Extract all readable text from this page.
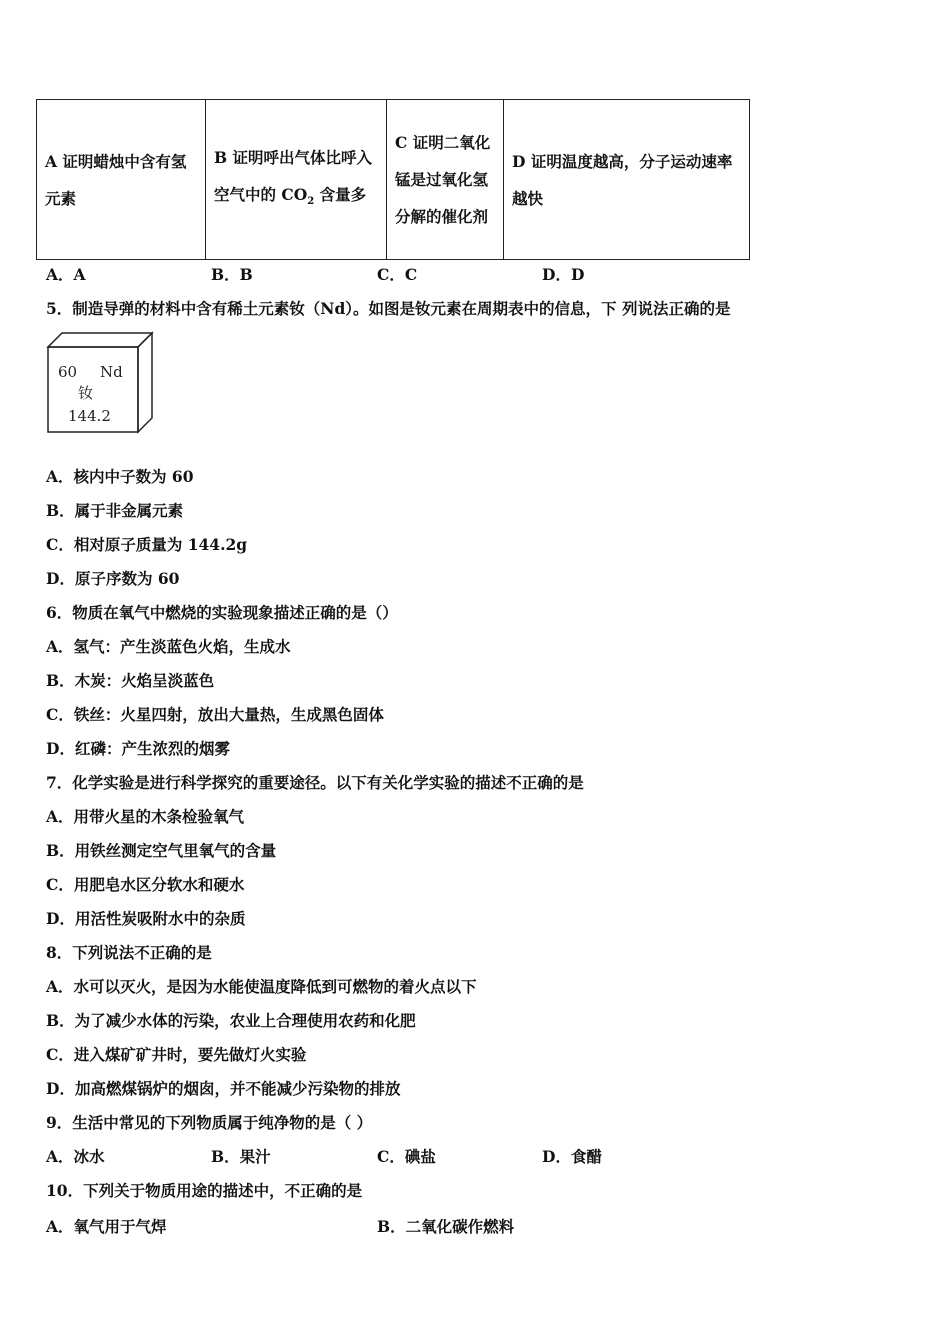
A 证明蜡烛中含有氢元素

B 证明呼出气体比呼入空气中的 $CO_2$ 含量多

C 证明二氧化锰是过氧化氢分解的催化剂

D 证明温度越高，分子运动速率越快
A．A	B．B	C．C	D．D
5．制造导弹的材料中含有稀土元素钕（Nd）。如图是钕元素在周期表中的信息，下 列说法正确的是
60 Nd
钕
144.2
A．核内中子数为 60
B．属于非金属元素
C．相对原子质量为 144.2g
D．原子序数为 60
6．物质在氧气中燃烧的实验现象描述正确的是（）
A．氢气：产生淡蓝色火焰，生成水
B．木炭：火焰呈淡蓝色
C．铁丝：火星四射，放出大量热，生成黑色固体
D．红磷：产生浓烈的烟雾
7．化学实验是进行科学探究的重要途径。以下有关化学实验的描述不正确的是
A．用带火星的木条检验氧气
B．用铁丝测定空气里氧气的含量
C．用肥皂水区分软水和硬水
D．用活性炭吸附水中的杂质
8．下列说法不正确的是
A．水可以灭火，是因为水能使温度降低到可燃物的着火点以下
B．为了减少水体的污染，农业上合理使用农药和化肥
C．进入煤矿矿井时，要先做灯火实验
D．加高燃煤锅炉的烟囱，并不能减少污染物的排放
9．生活中常见的下列物质属于纯净物的是（ ）
A．冰水	B．果汁	C．碘盐	D．食醋
10．下列关于物质用途的描述中，不正确的是
A．氧气用于气焊	B．二氧化碳作燃料
